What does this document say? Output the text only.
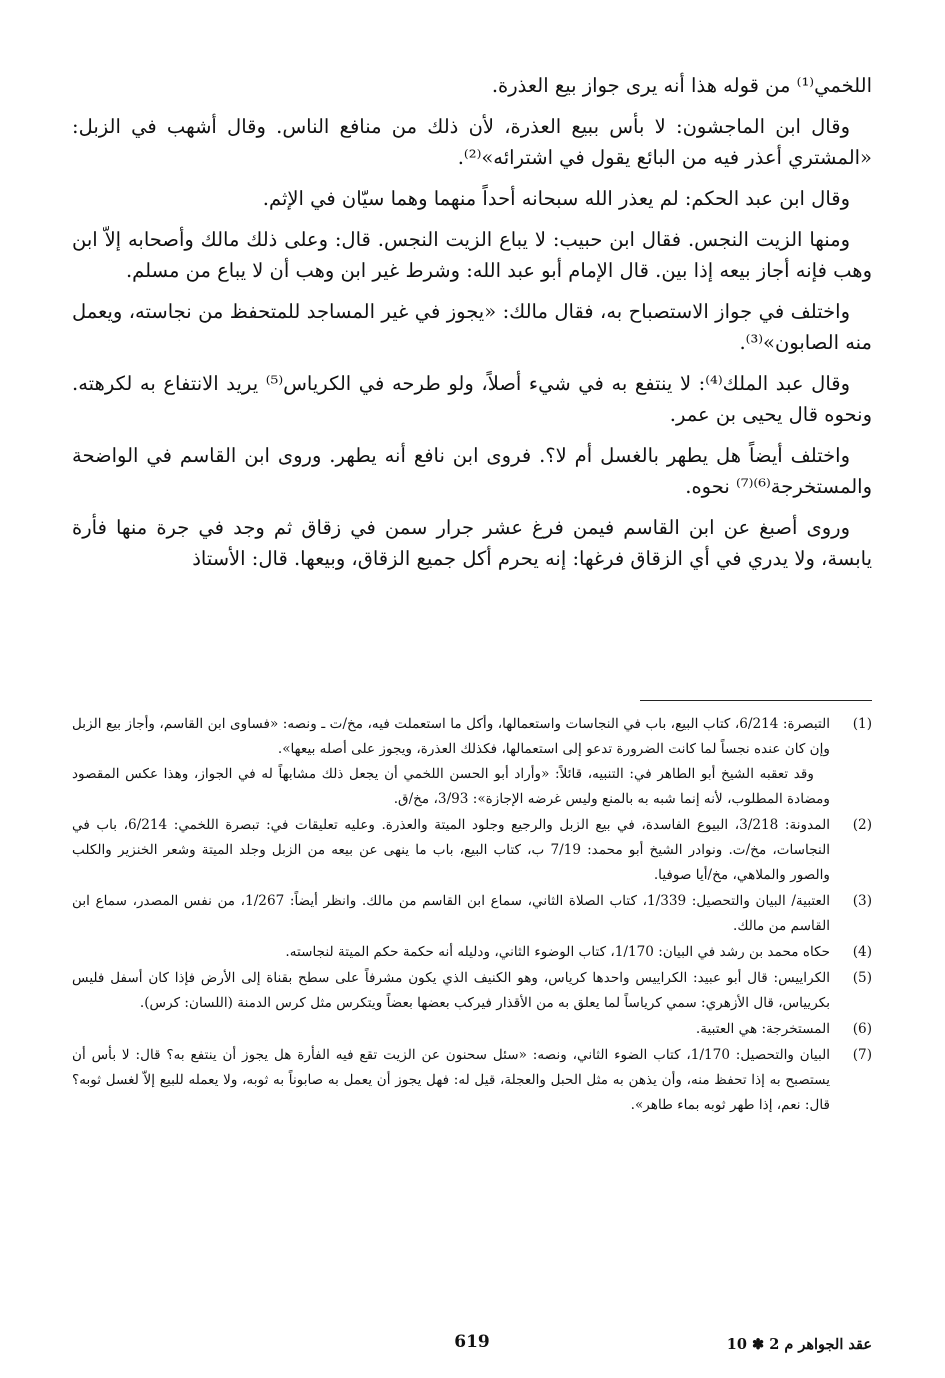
اللخمي⁽¹⁾ من قوله هذا أنه يرى جواز بيع العذرة.

وقال ابن الماجشون: لا بأس ببيع العذرة، لأن ذلك من منافع الناس. وقال أشهب في الزبل: «المشتري أعذر فيه من البائع يقول في اشترائه»⁽²⁾.

وقال ابن عبد الحكم: لم يعذر الله سبحانه أحداً منهما وهما سيّان في الإثم.

ومنها الزيت النجس. فقال ابن حبيب: لا يباع الزيت النجس. قال: وعلى ذلك مالك وأصحابه إلاّ ابن وهب فإنه أجاز بيعه إذا بين. قال الإمام أبو عبد الله: وشرط غير ابن وهب أن لا يباع من مسلم.

واختلف في جواز الاستصباح به، فقال مالك: «يجوز في غير المساجد للمتحفظ من نجاسته، ويعمل منه الصابون»⁽³⁾.

وقال عبد الملك⁽⁴⁾: لا ينتفع به في شيء أصلاً، ولو طرحه في الكرياس⁽⁵⁾ يريد الانتفاع به لكرهته. ونحوه قال يحيى بن عمر.

واختلف أيضاً هل يطهر بالغسل أم لا؟. فروى ابن نافع أنه يطهر. وروى ابن القاسم في الواضحة والمستخرجة⁽⁶⁾⁽⁷⁾ نحوه.

وروى أصبغ عن ابن القاسم فيمن فرغ عشر جرار سمن في زقاق ثم وجد في جرة منها فأرة يابسة، ولا يدري في أي الزقاق فرغها: إنه يحرم أكل جميع الزقاق، وبيعها. قال: الأستاذ

(1)

التبصرة: 6/214، كتاب البيع، باب في النجاسات واستعمالها، وأكل ما استعملت فيه، مخ/ت ـ ونصه: «فساوى ابن القاسم، وأجاز بيع الزبل وإن كان عنده نجساً لما كانت الضرورة تدعو إلى استعمالها، فكذلك العذرة، ويجوز على أصله بيعها».

وقد تعقبه الشيخ أبو الطاهر في: التنبيه، قائلاً: «وأراد أبو الحسن اللخمي أن يجعل ذلك مشابهاً له في الجواز، وهذا عكس المقصود ومضادة المطلوب، لأنه إنما شبه به بالمنع وليس غرضه الإجازة»: 3/93، مخ/ق.

(2)

المدونة: 3/218، البيوع الفاسدة، في بيع الزبل والرجيع وجلود الميتة والعذرة. وعليه تعليقات في: تبصرة اللخمي: 6/214، باب في النجاسات، مخ/ت. ونوادر الشيخ أبو محمد: 7/19 ب، كتاب البيع، باب ما ينهى عن بيعه من الزبل وجلد الميتة وشعر الخنزير والكلب والصور والملاهي، مخ/أيا صوفيا.

(3)

العتبية/ البيان والتحصيل: 1/339، كتاب الصلاة الثاني، سماع ابن القاسم من مالك. وانظر أيضاً: 1/267، من نفس المصدر، سماع ابن القاسم من مالك.

(4)

حكاه محمد بن رشد في البيان: 1/170، كتاب الوضوء الثاني، ودليله أنه حكمة حكم الميتة لنجاسته.

(5)

الكراييس: قال أبو عبيد: الكراييس واحدها كرياس، وهو الكنيف الذي يكون مشرفاً على سطح بقناة إلى الأرض فإذا كان أسفل فليس بكريياس، قال الأزهري: سمي كرياساً لما يعلق به من الأقذار فيركب بعضها بعضاً ويتكرس مثل كرس الدمنة (اللسان: كرس).

(6)

المستخرجة: هي العتبية.

(7)

البيان والتحصيل: 1/170، كتاب الضوء الثاني، ونصه: «سئل سحنون عن الزيت تقع فيه الفأرة هل يجوز أن ينتفع به؟ قال: لا بأس أن يستصبح به إذا تحفظ منه، وأن يذهن به مثل الحبل والعجلة، قيل له: فهل يجوز أن يعمل به صابوناً به ثوبه، ولا يعمله للبيع إلاّ لغسل ثوبه؟ قال: نعم، إذا طهر ثوبه بماء طاهر».

619	عقد الجواهر م 2 ✽ 10
